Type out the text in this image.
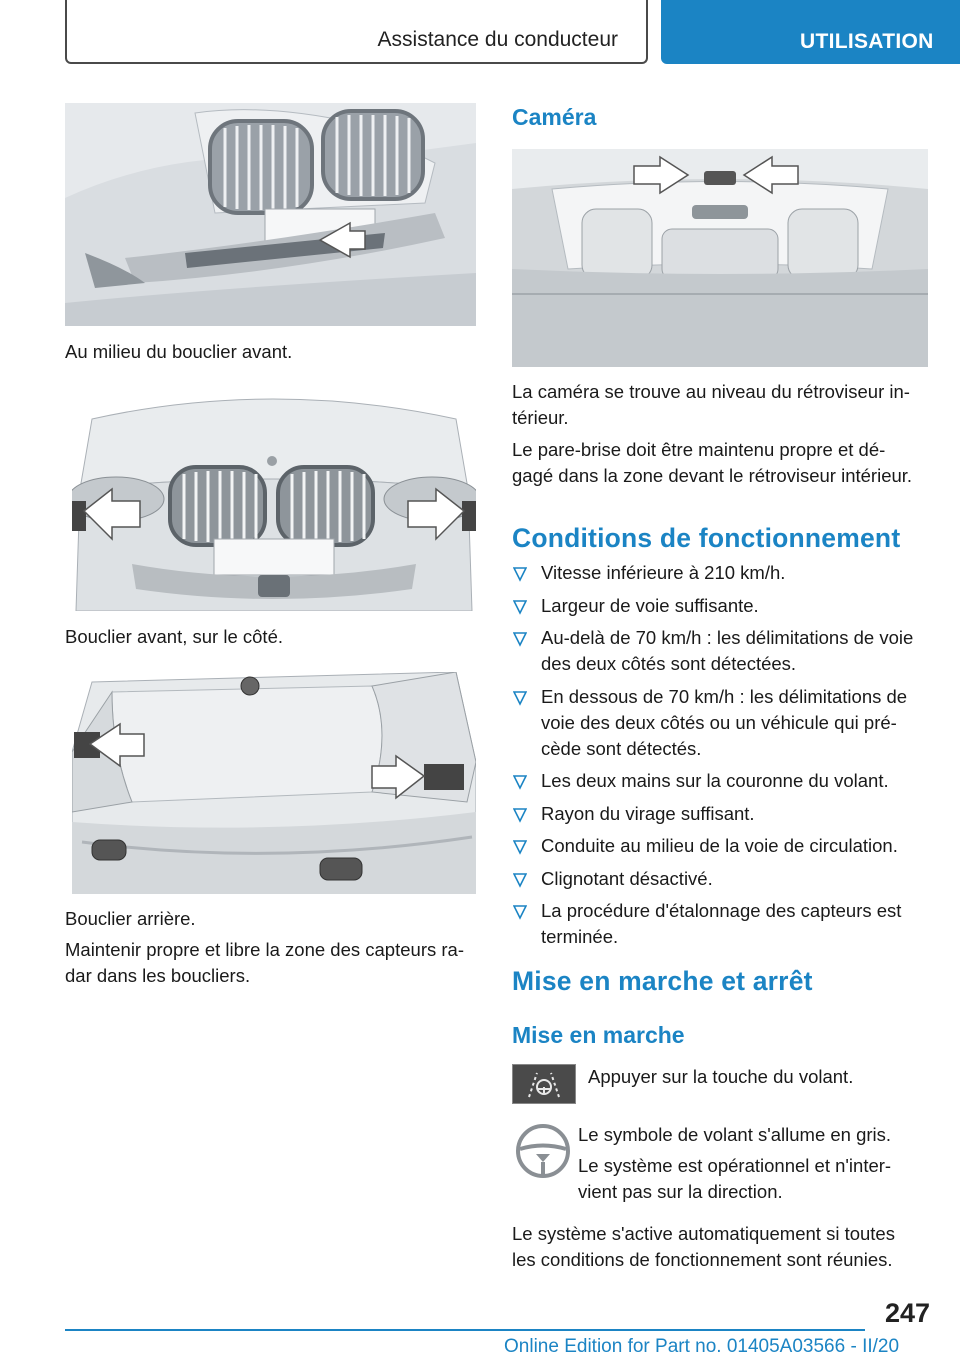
Assistance du conducteur	UTILISATION
Au milieu du bouclier avant.
Bouclier avant, sur le côté.
Bouclier arrière.
Maintenir propre et libre la zone des capteurs ra-
dar dans les boucliers.
Caméra
La caméra se trouve au niveau du rétroviseur in-
térieur.
Le pare-brise doit être maintenu propre et dé-
gagé dans la zone devant le rétroviseur intérieur.
Conditions de fonctionnement
Vitesse inférieure à 210 km/h.
Largeur de voie suffisante.
Au-delà de 70 km/h : les délimitations de voie des deux côtés sont détectées.
En dessous de 70 km/h : les délimitations de voie des deux côtés ou un véhicule qui pré-cède sont détectés.
Les deux mains sur la couronne du volant.
Rayon du virage suffisant.
Conduite au milieu de la voie de circulation.
Clignotant désactivé.
La procédure d'étalonnage des capteurs est terminée.
Mise en marche et arrêt
Mise en marche
Appuyer sur la touche du volant.
Le symbole de volant s'allume en gris.
Le système est opérationnel et n'inter-
vient pas sur la direction.
Le système s'active automatiquement si toutes
les conditions de fonctionnement sont réunies.
247
Online Edition for Part no. 01405A03566 - II/20
